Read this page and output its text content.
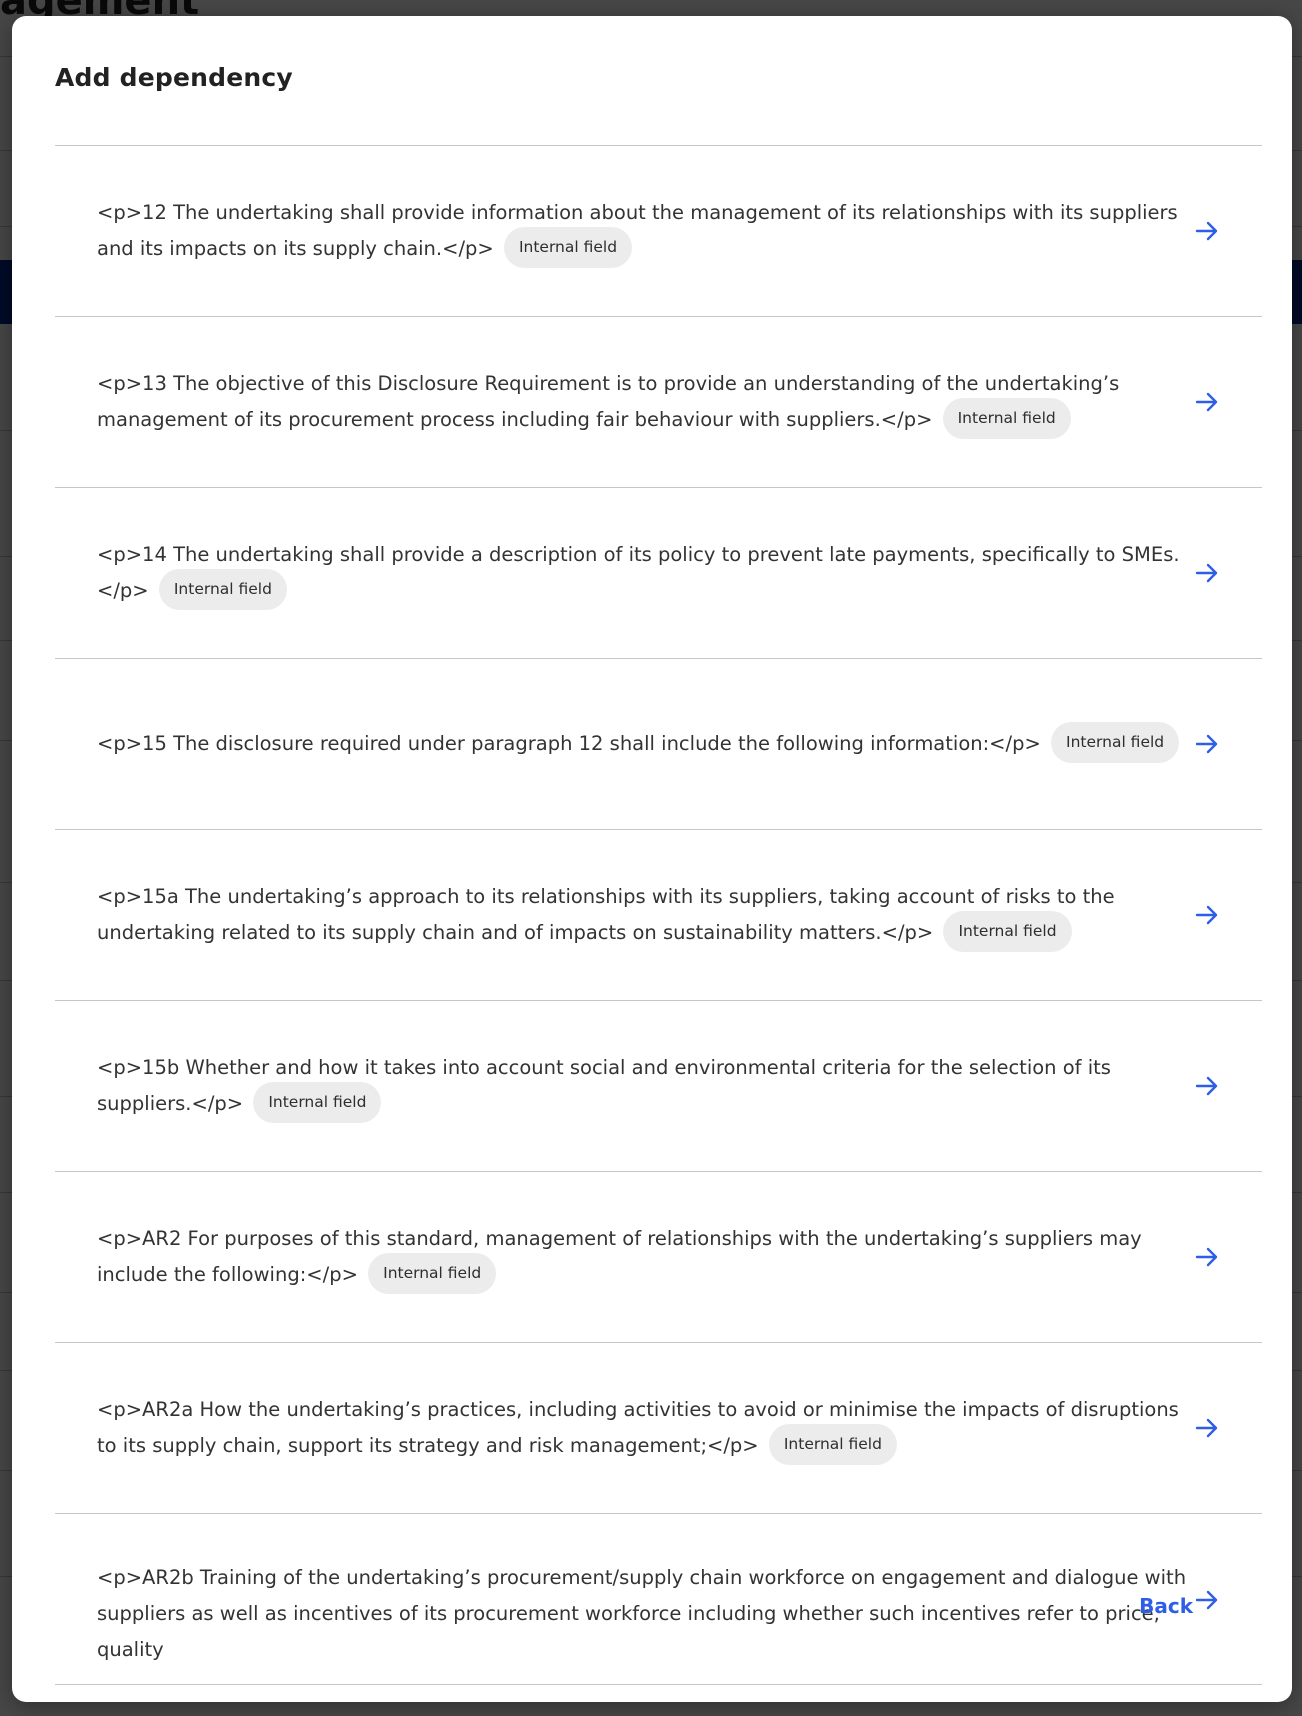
Add dependency
<p>12 The undertaking shall provide information about the management of its relationships with its suppliers and its impacts on its supply chain.</p> Internal field
<p>13 The objective of this Disclosure Requirement is to provide an understanding of the undertaking’s management of its procurement process including fair behaviour with suppliers.</p> Internal field
<p>14 The undertaking shall provide a description of its policy to prevent late payments, specifically to SMEs.</p> Internal field
<p>15 The disclosure required under paragraph 12 shall include the following information:</p> Internal field
<p>15a The undertaking’s approach to its relationships with its suppliers, taking account of risks to the undertaking related to its supply chain and of impacts on sustainability matters.</p> Internal field
<p>15b Whether and how it takes into account social and environmental criteria for the selection of its suppliers.</p> Internal field
<p>AR2 For purposes of this standard, management of relationships with the undertaking’s suppliers may include the following:</p> Internal field
<p>AR2a How the undertaking’s practices, including activities to avoid or minimise the impacts of disruptions to its supply chain, support its strategy and risk management;</p> Internal field
<p>AR2b Training of the undertaking’s procurement/supply chain workforce on engagement and dialogue with suppliers as well as incentives of its procurement workforce including whether such incentives refer to price, quality
Back
